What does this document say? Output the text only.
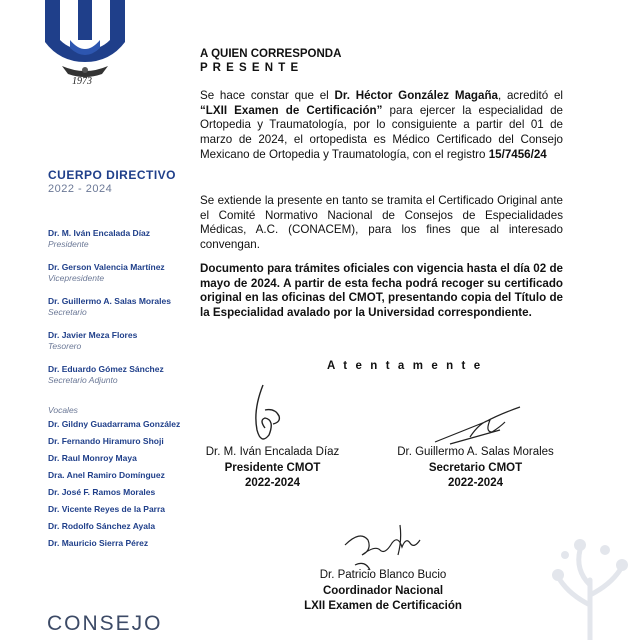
1973
CUERPO DIRECTIVO
2022 - 2024
Dr. M. Iván Encalada Díaz
Presidente
Dr. Gerson Valencia Martínez
Vicepresidente
Dr. Guillermo A. Salas Morales
Secretario
Dr. Javier Meza Flores
Tesorero
Dr. Eduardo Gómez Sánchez
Secretario Adjunto
Vocales
Dr. Gildny Guadarrama González
Dr. Fernando Hiramuro Shoji
Dr. Raul Monroy Maya
Dra. Anel Ramiro Domínguez
Dr. José F. Ramos Morales
Dr. Vicente Reyes de la Parra
Dr. Rodolfo Sánchez Ayala
Dr. Mauricio Sierra Pérez
CONSEJO
A QUIEN CORRESPONDA
P R E S E N T E
Se hace constar que el Dr. Héctor González Magaña, acreditó el “LXII Examen de Certificación” para ejercer la especialidad de Ortopedia y Traumatología, por lo consiguiente a partir del 01 de marzo de 2024, el ortopedista es Médico Certificado del Consejo Mexicano de Ortopedia y Traumatología, con el registro 15/7456/24
Se extiende la presente en tanto se tramita el Certificado Original ante el Comité Normativo Nacional de Consejos de Especialidades Médicas, A.C. (CONACEM), para los fines que al interesado convengan.
Documento para trámites oficiales con vigencia hasta el día 02 de mayo de 2024. A partir de esta fecha podrá recoger su certificado original en las oficinas del CMOT, presentando copia del Título de la Especialidad avalado por la Universidad correspondiente.
A t e n t a m e n t e
Dr. M. Iván Encalada Díaz
Presidente CMOT
2022-2024
Dr. Guillermo A. Salas Morales
Secretario CMOT
2022-2024
Dr. Patricio Blanco Bucio
Coordinador Nacional
LXII Examen de Certificación
